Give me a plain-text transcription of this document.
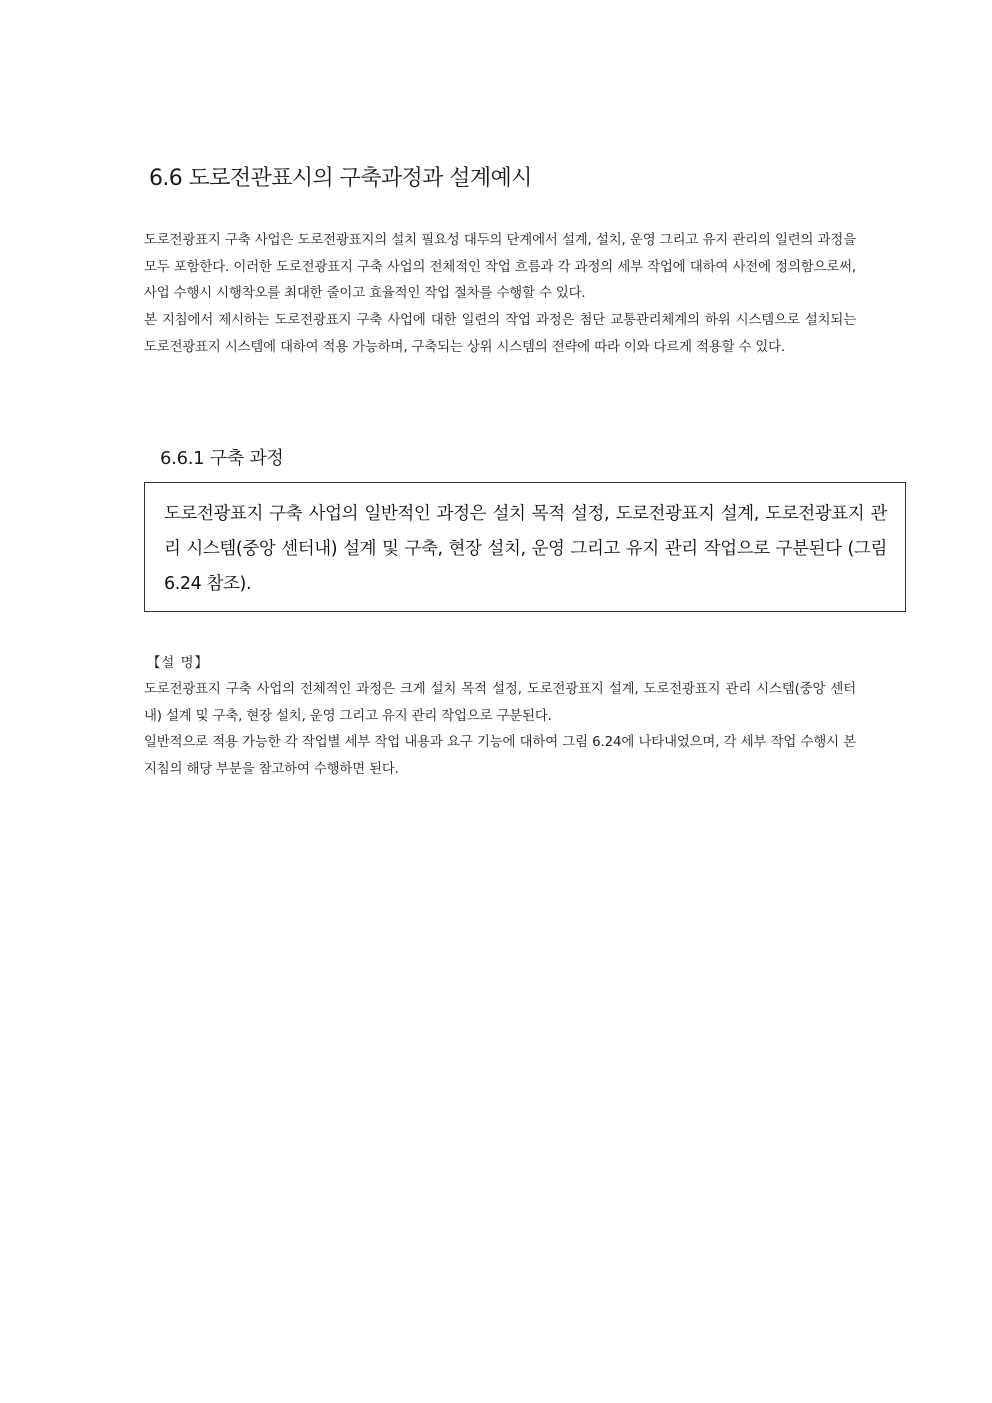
6.6 도로전관표시의 구축과정과 설계예시

도로전광표지 구축 사업은 도로전광표지의 설치 필요성 대두의 단계에서 설계, 설치, 운영 그리고 유지 관리의 일련의 과정을 모두 포함한다. 이러한 도로전광표지 구축 사업의 전체적인 작업 흐름과 각 과정의 세부 작업에 대하여 사전에 정의함으로써, 사업 수행시 시행착오를 최대한 줄이고 효율적인 작업 절차를 수행할 수 있다.

본 지침에서 제시하는 도로전광표지 구축 사업에 대한 일련의 작업 과정은 첨단 교통관리체계의 하위 시스템으로 설치되는 도로전광표지 시스템에 대하여 적용 가능하며, 구축되는 상위 시스템의 전략에 따라 이와 다르게 적용할 수 있다.

6.6.1 구축 과정

도로전광표지 구축 사업의 일반적인 과정은 설치 목적 설정, 도로전광표지 설계, 도로전광표지 관리 시스템(중앙 센터내) 설계 및 구축, 현장 설치, 운영 그리고 유지 관리 작업으로 구분된다 (그림 6.24 참조).

【설 명】

도로전광표지 구축 사업의 전체적인 과정은 크게 설치 목적 설정, 도로전광표지 설계, 도로전광표지 관리 시스템(중앙 센터 내) 설계 및 구축, 현장 설치, 운영 그리고 유지 관리 작업으로 구분된다.

일반적으로 적용 가능한 각 작업별 세부 작업 내용과 요구 기능에 대하여 그림 6.24에 나타내었으며, 각 세부 작업 수행시 본 지침의 해당 부분을 참고하여 수행하면 된다.
